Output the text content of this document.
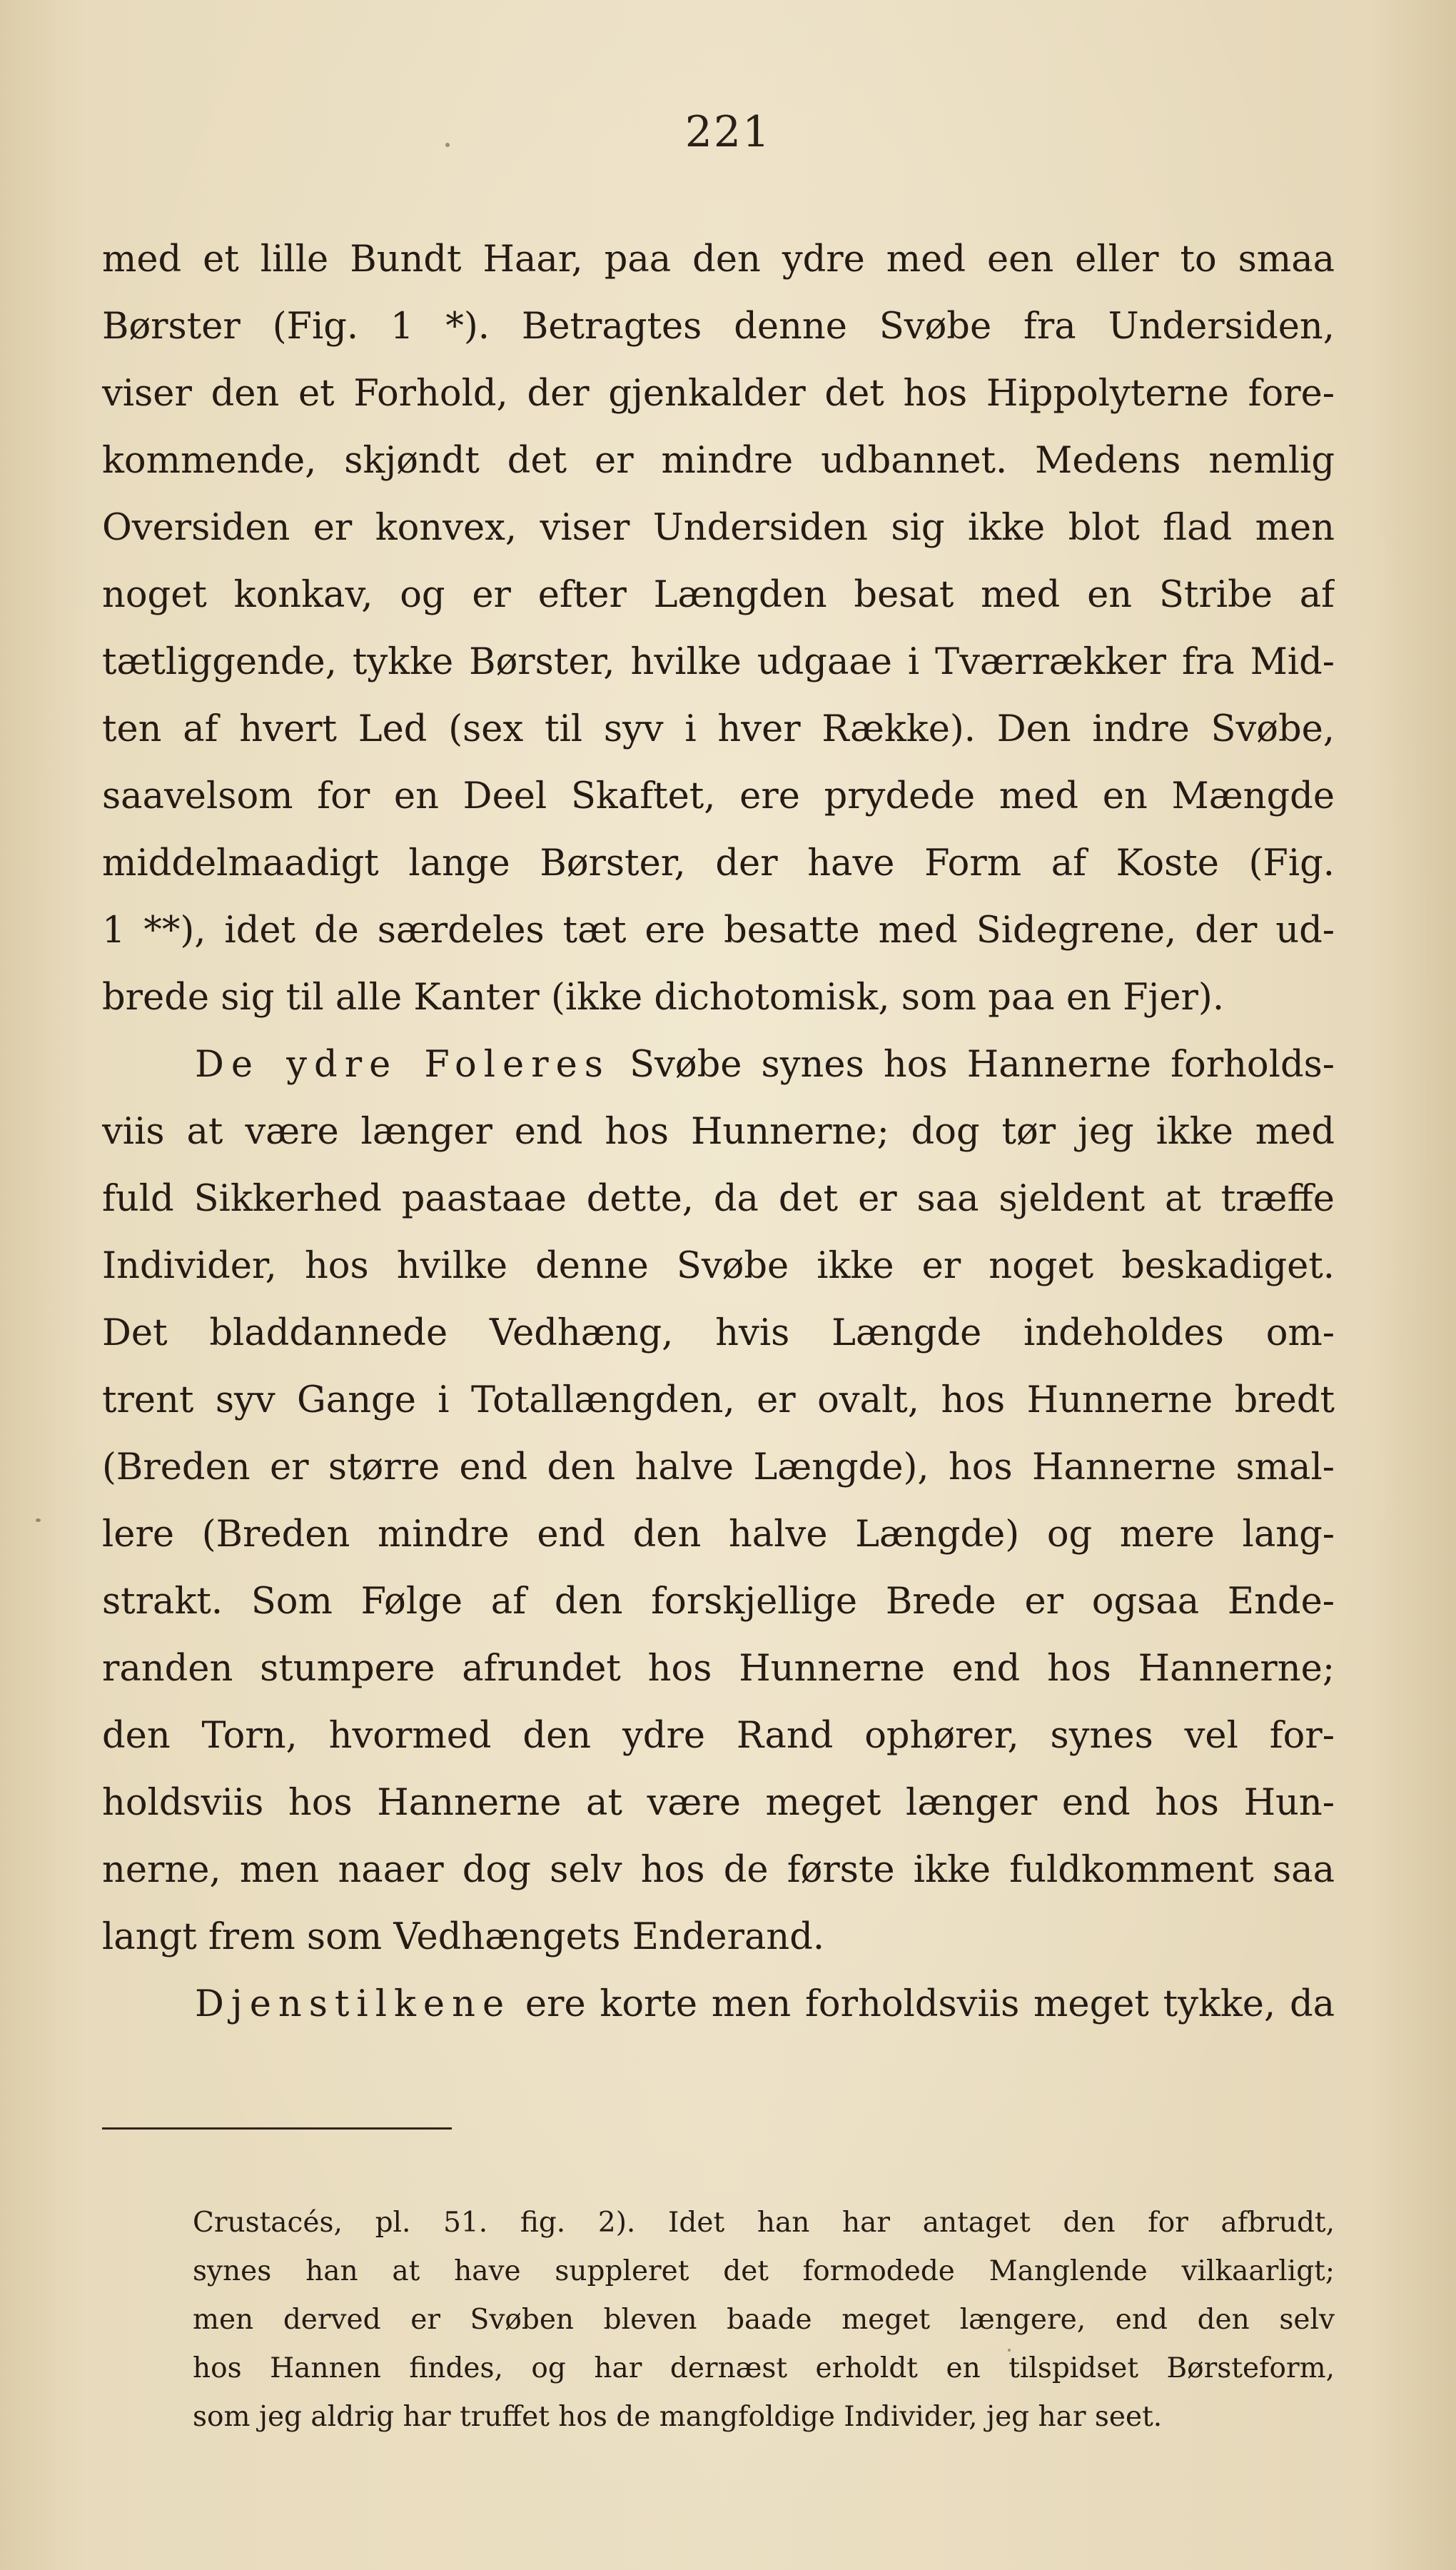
221
med et lille Bundt Haar, paa den ydre med een eller to smaa
Børster (Fig. 1 *). Betragtes denne Svøbe fra Undersiden,
viser den et Forhold, der gjenkalder det hos Hippolyterne fore-
kommende, skjøndt det er mindre udbannet. Medens nemlig
Oversiden er konvex, viser Undersiden sig ikke blot flad men
noget konkav, og er efter Længden besat med en Stribe af
tætliggende, tykke Børster, hvilke udgaae i Tværrækker fra Mid-
ten af hvert Led (sex til syv i hver Række). Den indre Svøbe,
saavelsom for en Deel Skaftet, ere prydede med en Mængde
middelmaadigt lange Børster, der have Form af Koste (Fig.
1 **), idet de særdeles tæt ere besatte med Sidegrene, der ud-
brede sig til alle Kanter (ikke dichotomisk, som paa en Fjer).
De ydre Foleres Svøbe synes hos Hannerne forholds-
viis at være længer end hos Hunnerne; dog tør jeg ikke med
fuld Sikkerhed paastaae dette, da det er saa sjeldent at træffe
Individer, hos hvilke denne Svøbe ikke er noget beskadiget.
Det bladdannede Vedhæng, hvis Længde indeholdes om-
trent syv Gange i Totallængden, er ovalt, hos Hunnerne bredt
(Breden er større end den halve Længde), hos Hannerne smal-
lere (Breden mindre end den halve Længde) og mere lang-
strakt. Som Følge af den forskjellige Brede er ogsaa Ende-
randen stumpere afrundet hos Hunnerne end hos Hannerne;
den Torn, hvormed den ydre Rand ophører, synes vel for-
holdsviis hos Hannerne at være meget længer end hos Hun-
nerne, men naaer dog selv hos de første ikke fuldkomment saa
langt frem som Vedhængets Enderand.
Djenstilkene ere korte men forholdsviis meget tykke, da
Crustacés, pl. 51. fig. 2). Idet han har antaget den for afbrudt,
synes han at have suppleret det formodede Manglende vilkaarligt;
men derved er Svøben bleven baade meget længere, end den selv
hos Hannen findes, og har dernæst erholdt en tilspidset Børsteform,
som jeg aldrig har truffet hos de mangfoldige Individer, jeg har seet.
